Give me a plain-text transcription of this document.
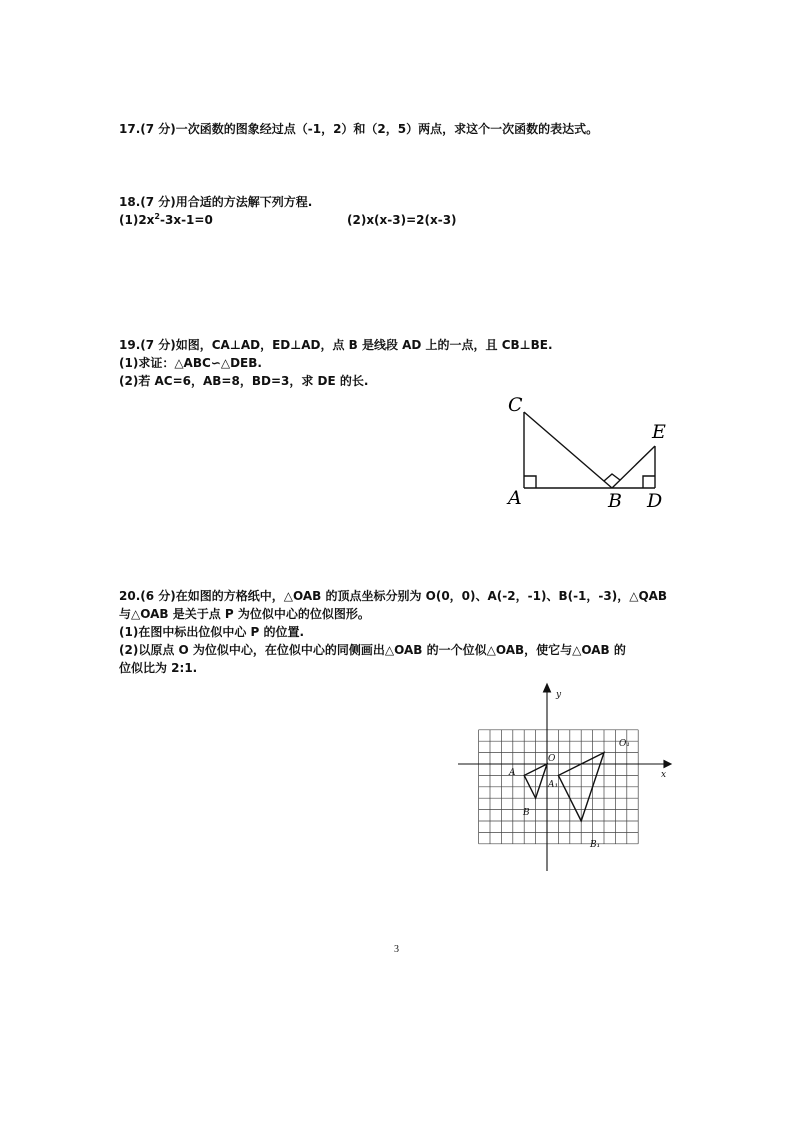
17.(7 分)一次函数的图象经过点（-1，2）和（2，5）两点，求这个一次函数的表达式。
18.(7 分)用合适的方法解下列方程.
$(1)2x^2-3x-1=0$	(2)x(x-3)=2(x-3)
19.(7 分)如图，CA⊥AD，ED⊥AD，点 B 是线段 AD 上的一点，且 CB⊥BE.
(1)求证：△ABC∽△DEB.
(2)若 AC=6，AB=8，BD=3，求 DE 的长.
C
E
A	B D
20.(6 分)在如图的方格纸中，△OAB 的顶点坐标分别为 O(0，0)、A(-2，-1)、B(-1，-3)，△QAB
与△OAB 是关于点 P 为位似中心的位似图形。
(1)在图中标出位似中心 P 的位置.
(2)以原点 O 为位似中心，在位似中心的同侧画出△OAB 的一个位似△OAB，使它与△OAB 的
位似比为 2:1.
y
x
O
A
B
O₁
A₁
B₁
3
